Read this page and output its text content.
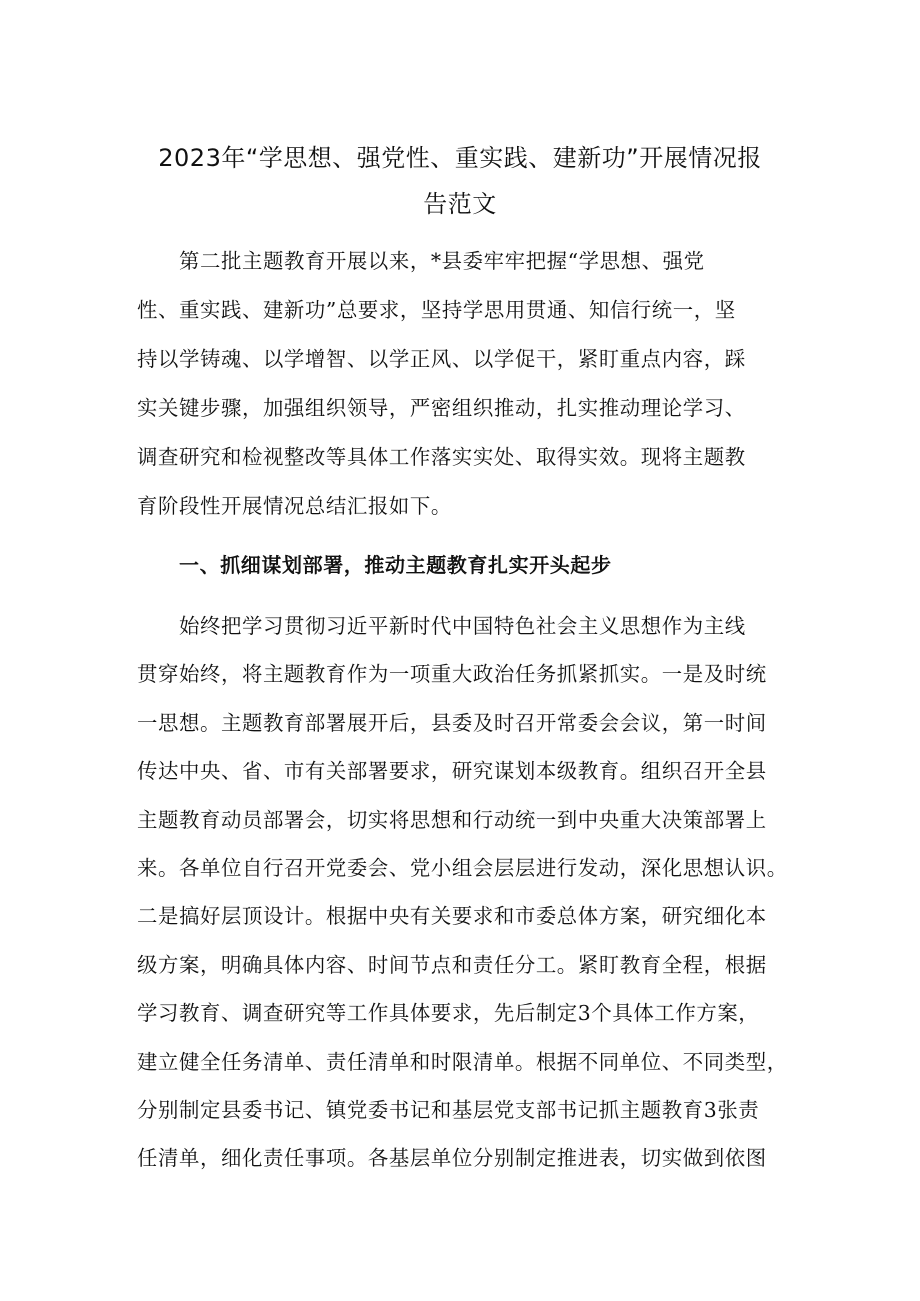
2023年“学思想、强党性、重实践、建新功”开展情况报
告范文
第二批主题教育开展以来，*县委牢牢把握“学思想、强党
性、重实践、建新功”总要求，坚持学思用贯通、知信行统一，坚
持以学铸魂、以学增智、以学正风、以学促干，紧盯重点内容，踩
实关键步骤，加强组织领导，严密组织推动，扎实推动理论学习、
调查研究和检视整改等具体工作落实实处、取得实效。现将主题教
育阶段性开展情况总结汇报如下。
一、抓细谋划部署，推动主题教育扎实开头起步
始终把学习贯彻习近平新时代中国特色社会主义思想作为主线
贯穿始终，将主题教育作为一项重大政治任务抓紧抓实。一是及时统
一思想。主题教育部署展开后，县委及时召开常委会会议，第一时间
传达中央、省、市有关部署要求，研究谋划本级教育。组织召开全县
主题教育动员部署会，切实将思想和行动统一到中央重大决策部署上
来。各单位自行召开党委会、党小组会层层进行发动，深化思想认识。
二是搞好层顶设计。根据中央有关要求和市委总体方案，研究细化本
级方案，明确具体内容、时间节点和责任分工。紧盯教育全程，根据
学习教育、调查研究等工作具体要求，先后制定3个具体工作方案，
建立健全任务清单、责任清单和时限清单。根据不同单位、不同类型，
分别制定县委书记、镇党委书记和基层党支部书记抓主题教育3张责
任清单，细化责任事项。各基层单位分别制定推进表，切实做到依图
